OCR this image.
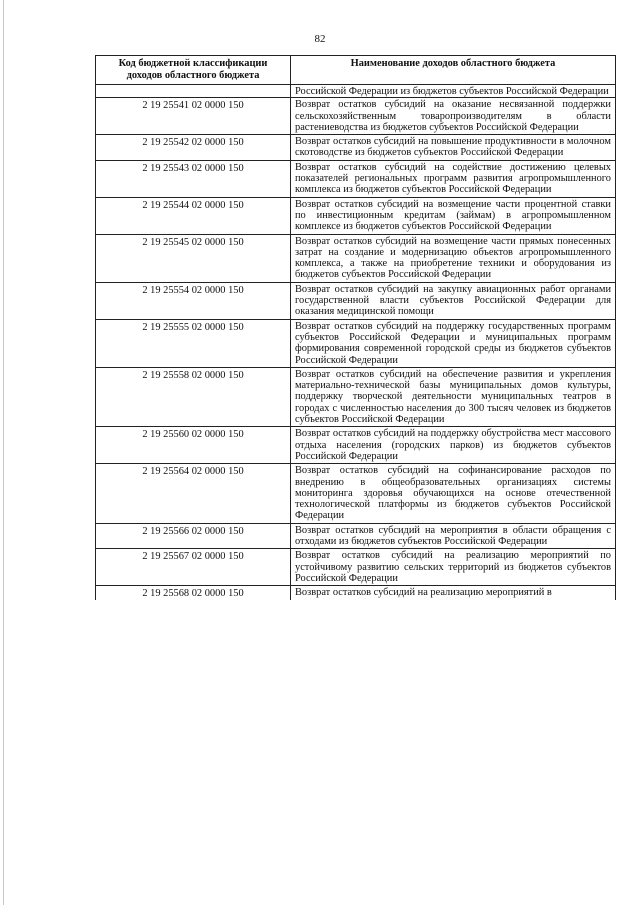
82
Код бюджетной классификации доходов областного бюджета	Наименование доходов областного бюджета
	Российской Федерации из бюджетов субъектов Российской Федерации
2 19 25541 02 0000 150	Возврат остатков субсидий на оказание несвязанной поддержки сельскохозяйственным товаропроизводителям в области растениеводства из бюджетов субъектов Российской Федерации
2 19 25542 02 0000 150	Возврат остатков субсидий на повышение продуктивности в молочном скотоводстве из бюджетов субъектов Российской Федерации
2 19 25543 02 0000 150	Возврат остатков субсидий на содействие достижению целевых показателей региональных программ развития агропромышленного комплекса из бюджетов субъектов Российской Федерации
2 19 25544 02 0000 150	Возврат остатков субсидий на возмещение части процентной ставки по инвестиционным кредитам (займам) в агропромышленном комплексе из бюджетов субъектов Российской Федерации
2 19 25545 02 0000 150	Возврат остатков субсидий на возмещение части прямых понесенных затрат на создание и модернизацию объектов агропромышленного комплекса, а также на приобретение техники и оборудования из бюджетов субъектов Российской Федерации
2 19 25554 02 0000 150	Возврат остатков субсидий на закупку авиационных работ органами государственной власти субъектов Российской Федерации для оказания медицинской помощи
2 19 25555 02 0000 150	Возврат остатков субсидий на поддержку государственных программ субъектов Российской Федерации и муниципальных программ формирования современной городской среды из бюджетов субъектов Российской Федерации
2 19 25558 02 0000 150	Возврат остатков субсидий на обеспечение развития и укрепления материально-технической базы муниципальных домов культуры, поддержку творческой деятельности муниципальных театров в городах с численностью населения до 300 тысяч человек из бюджетов субъектов Российской Федерации
2 19 25560 02 0000 150	Возврат остатков субсидий на поддержку обустройства мест массового отдыха населения (городских парков) из бюджетов субъектов Российской Федерации
2 19 25564 02 0000 150	Возврат остатков субсидий на софинансирование расходов по внедрению в общеобразовательных организациях системы мониторинга здоровья обучающихся на основе отечественной технологической платформы из бюджетов субъектов Российской Федерации
2 19 25566 02 0000 150	Возврат остатков субсидий на мероприятия в области обращения с отходами из бюджетов субъектов Российской Федерации
2 19 25567 02 0000 150	Возврат остатков субсидий на реализацию мероприятий по устойчивому развитию сельских территорий из бюджетов субъектов Российской Федерации
2 19 25568 02 0000 150	Возврат остатков субсидий на реализацию мероприятий в
